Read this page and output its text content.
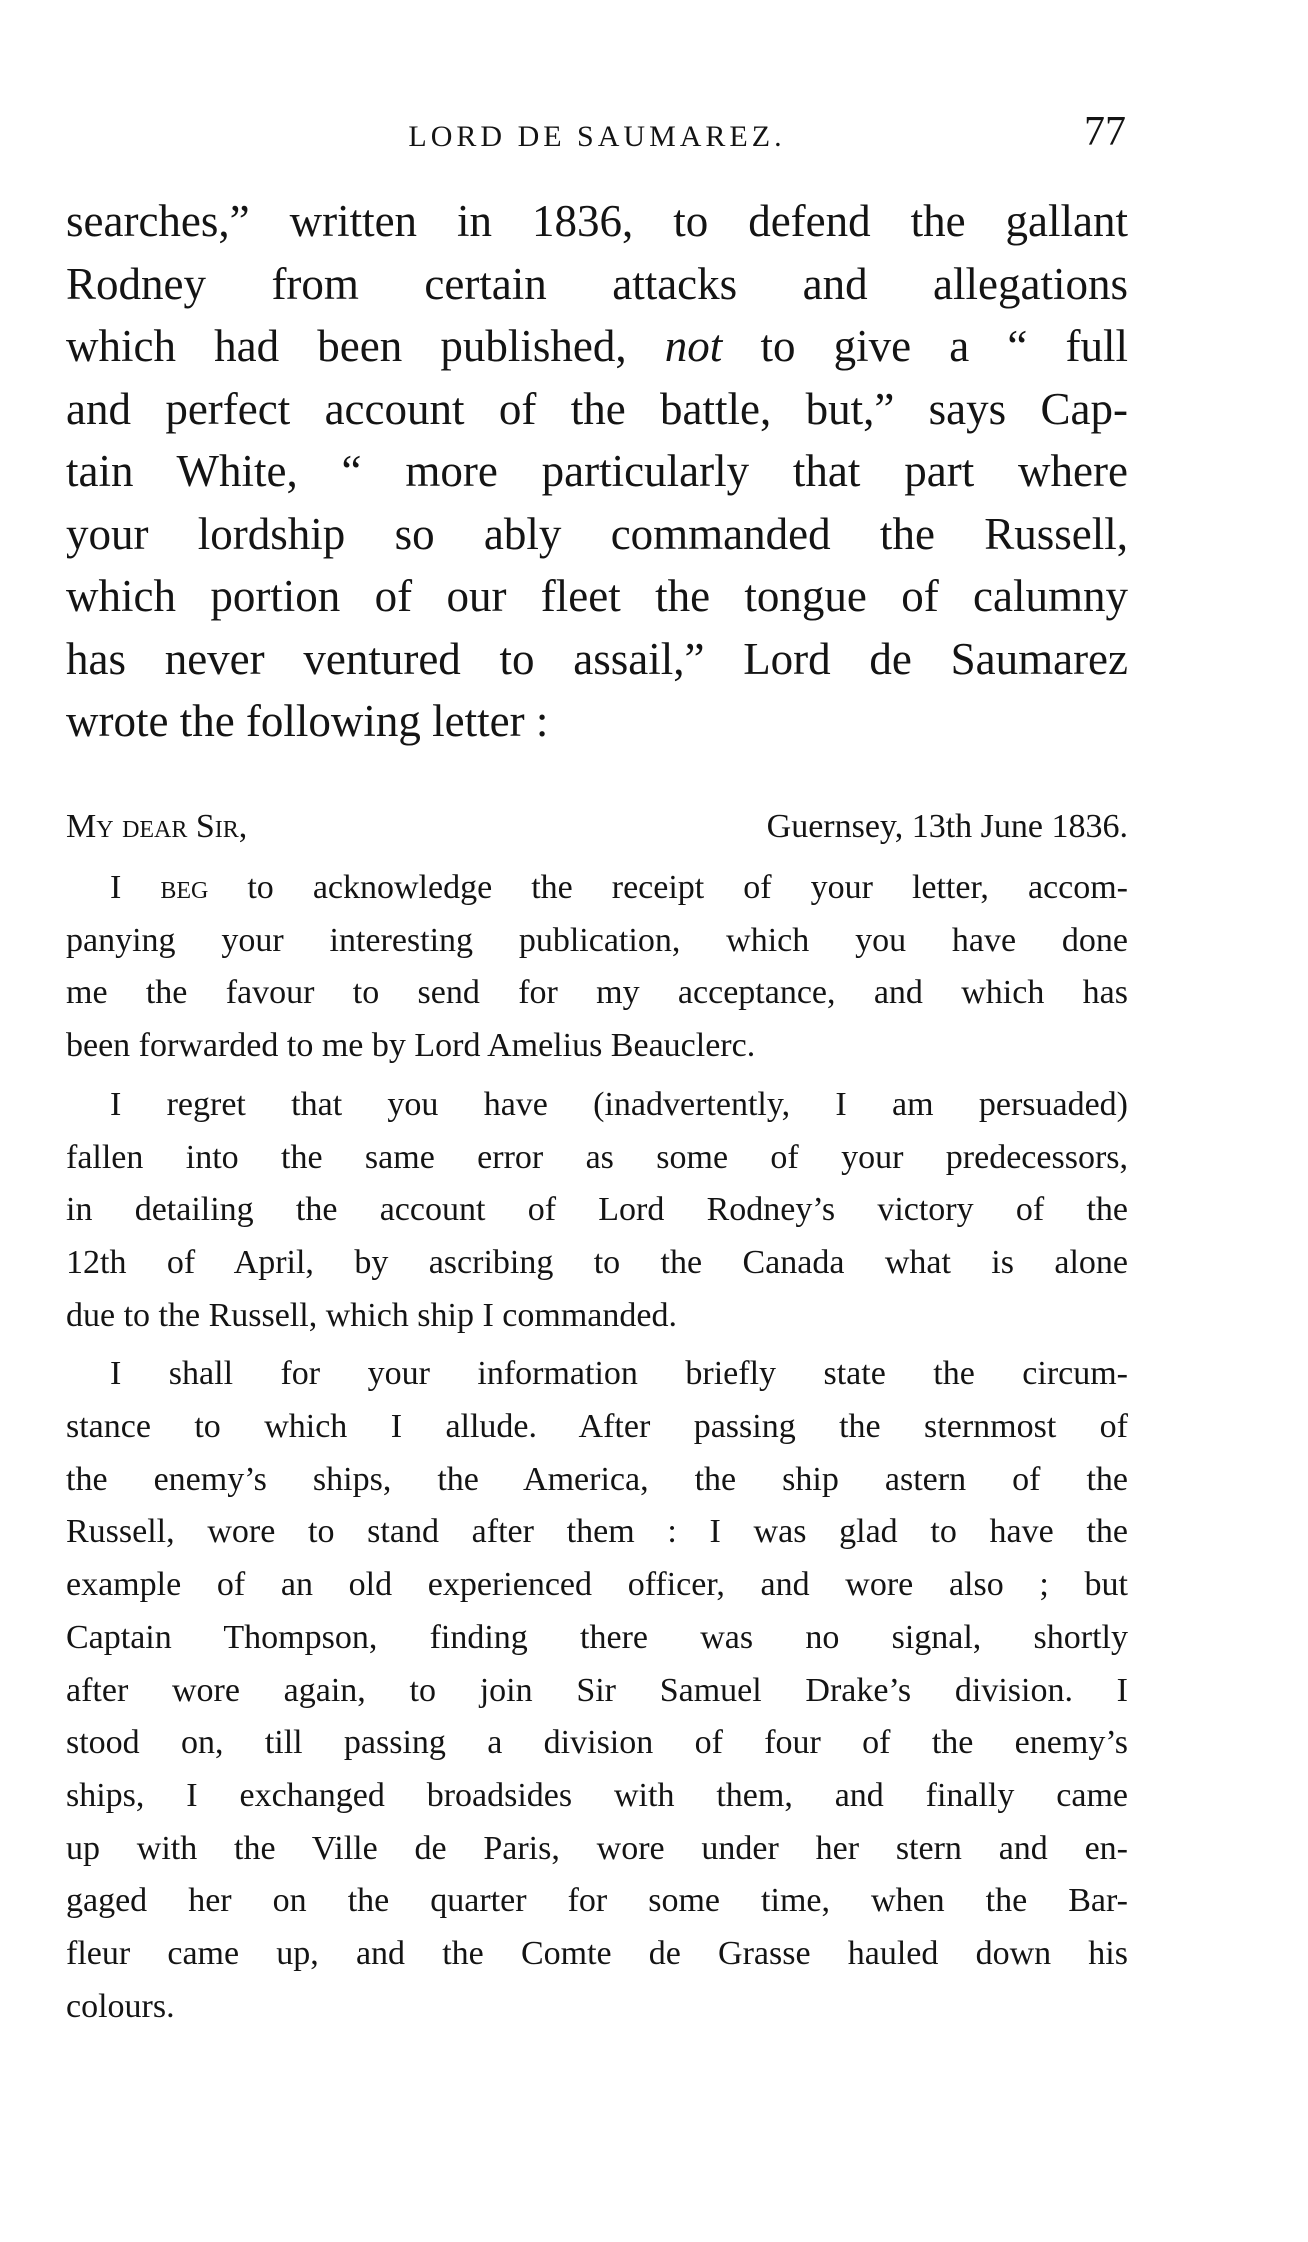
LORD DE SAUMAREZ.	77
searches,” written in 1836, to defend the gallant
Rodney from certain attacks and allegations
which had been published, not to give a “ full
and perfect account of the battle, but,” says Cap-
tain White, “ more particularly that part where
your lordship so ably commanded the Russell,
which portion of our fleet the tongue of calumny
has never ventured to assail,” Lord de Saumarez
wrote the following letter :
My dear Sir,	Guernsey, 13th June 1836.
I beg to acknowledge the receipt of your letter, accom-
panying your interesting publication, which you have done
me the favour to send for my acceptance, and which has
been forwarded to me by Lord Amelius Beauclerc.
I regret that you have (inadvertently, I am persuaded)
fallen into the same error as some of your predecessors,
in detailing the account of Lord Rodney’s victory of the
12th of April, by ascribing to the Canada what is alone
due to the Russell, which ship I commanded.
I shall for your information briefly state the circum-
stance to which I allude. After passing the sternmost of
the enemy’s ships, the America, the ship astern of the
Russell, wore to stand after them : I was glad to have the
example of an old experienced officer, and wore also ; but
Captain Thompson, finding there was no signal, shortly
after wore again, to join Sir Samuel Drake’s division. I
stood on, till passing a division of four of the enemy’s
ships, I exchanged broadsides with them, and finally came
up with the Ville de Paris, wore under her stern and en-
gaged her on the quarter for some time, when the Bar-
fleur came up, and the Comte de Grasse hauled down his
colours.
